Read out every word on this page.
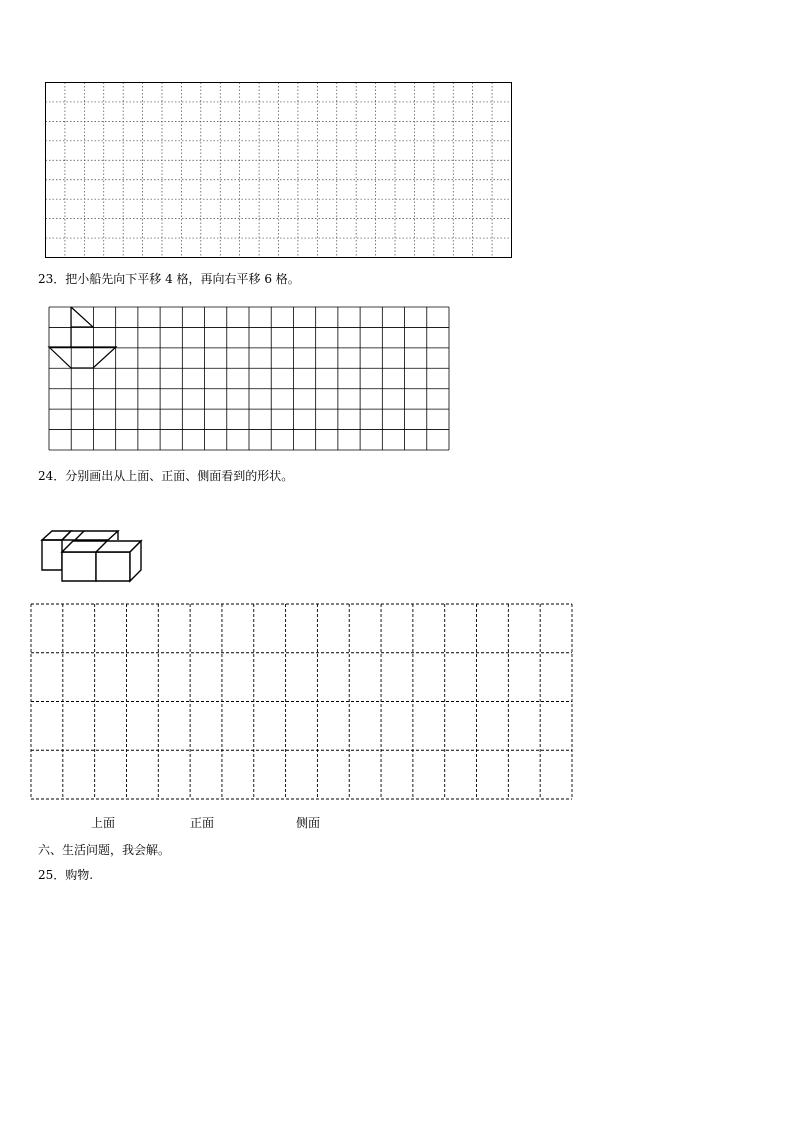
23．把小船先向下平移 4 格，再向右平移 6 格。
24．分别画出从上面、正面、侧面看到的形状。
上面	正面	侧面
六、生活问题，我会解。
25．购物.
